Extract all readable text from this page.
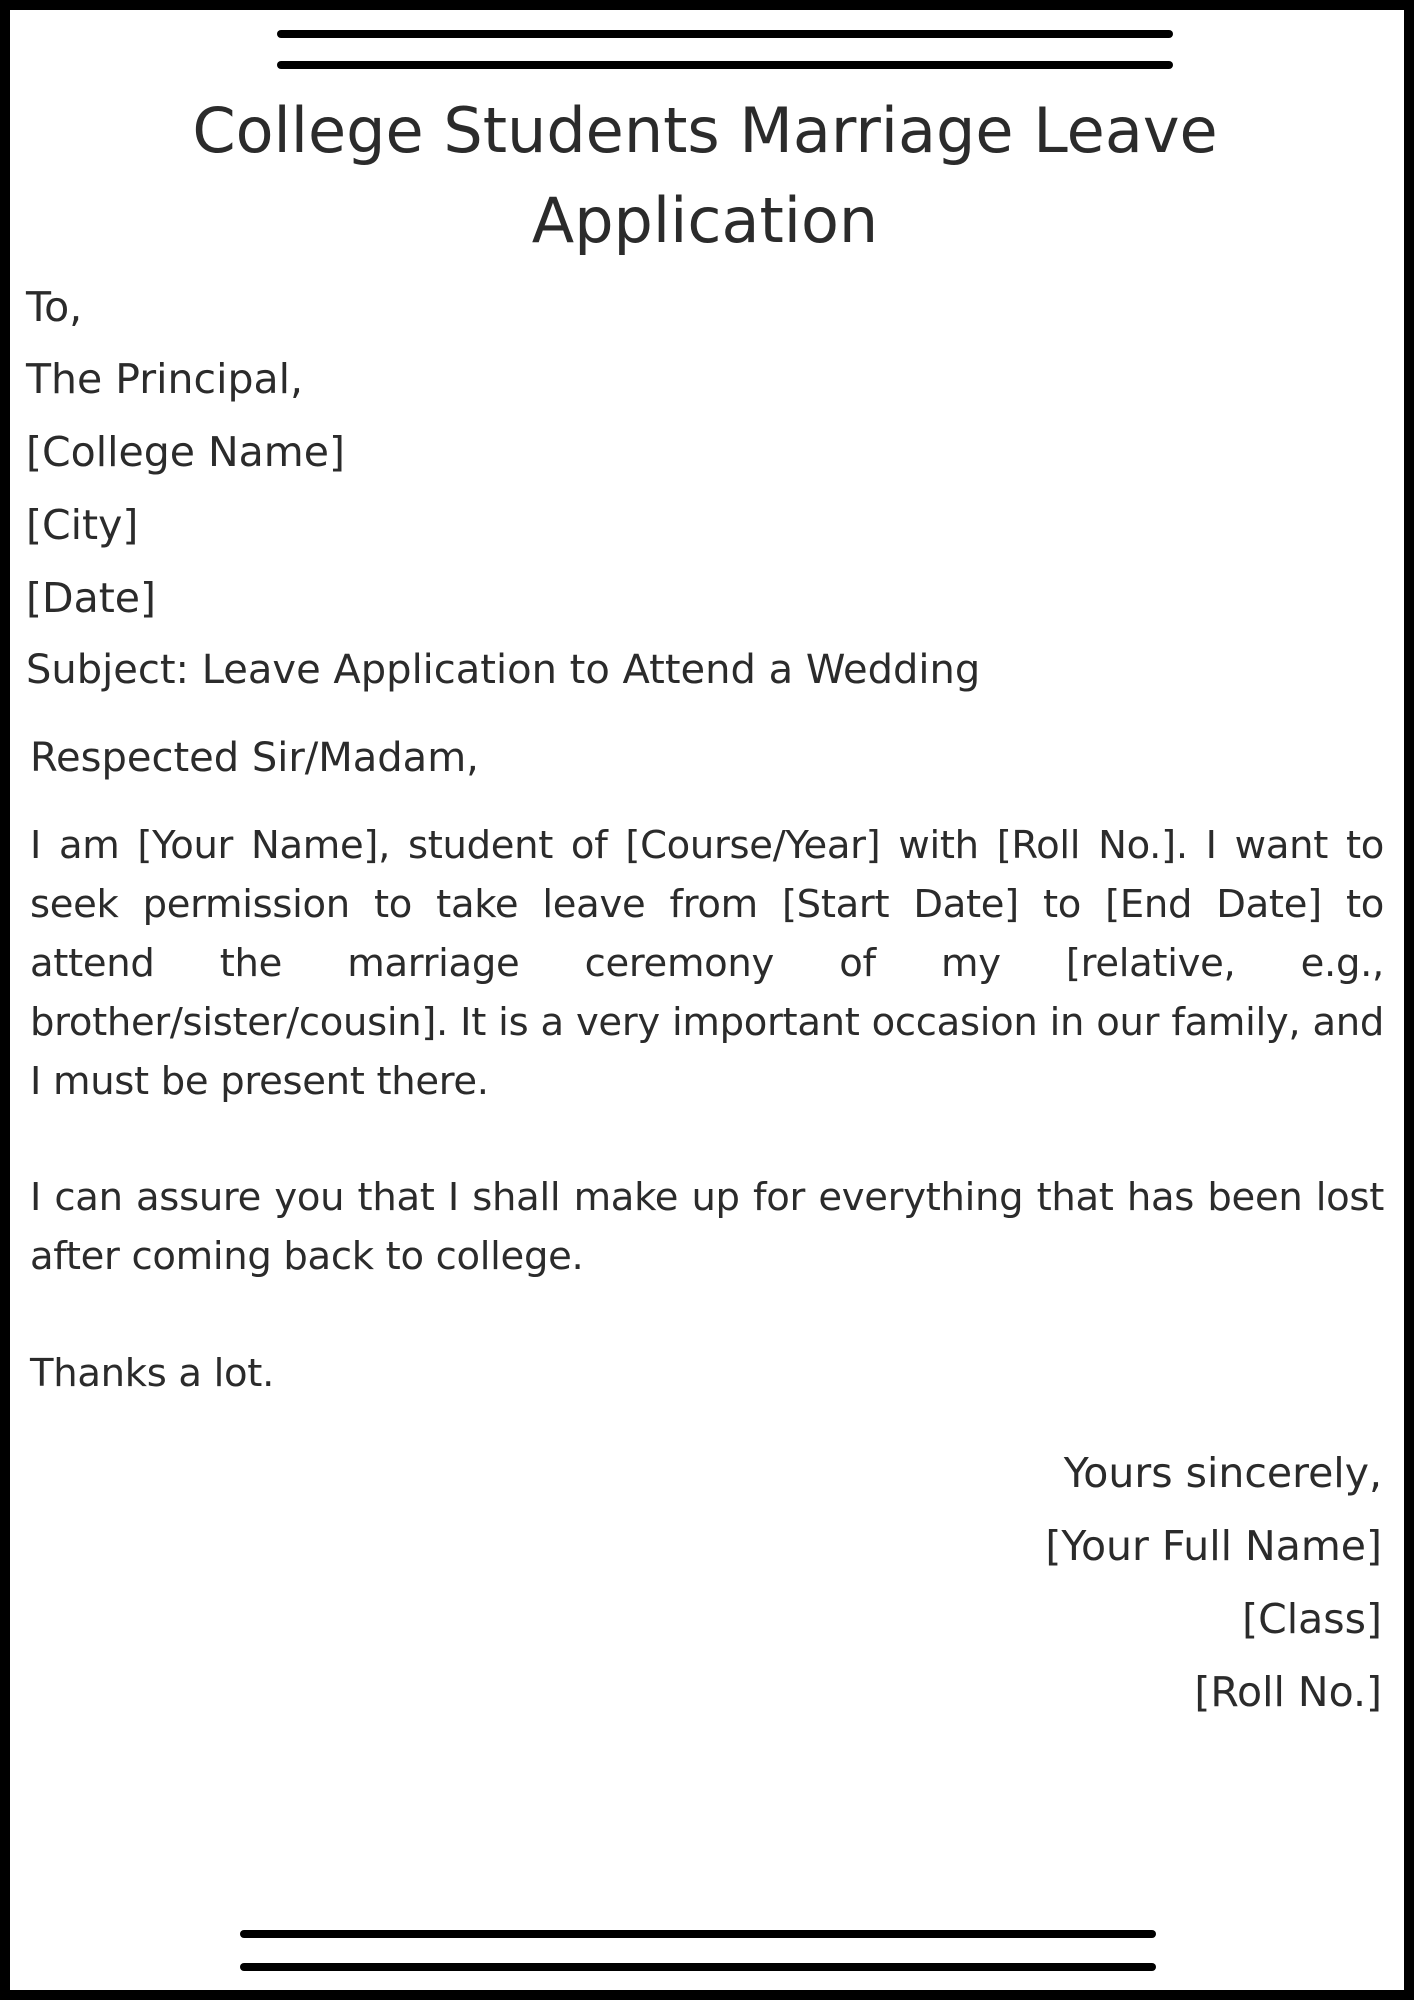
College Students Marriage Leave Application

To,

The Principal,

[College Name]

[City]

[Date]

Subject: Leave Application to Attend a Wedding

Respected Sir/Madam,

I am [Your Name], student of [Course/Year] with [Roll No.]. I want to seek permission to take leave from [Start Date] to [End Date] to attend the marriage ceremony of my [relative, e.g., brother/sister/cousin]. It is a very important occasion in our family, and I must be present there.

I can assure you that I shall make up for everything that has been lost after coming back to college.

Thanks a lot.

Yours sincerely,

[Your Full Name]

[Class]

[Roll No.]
